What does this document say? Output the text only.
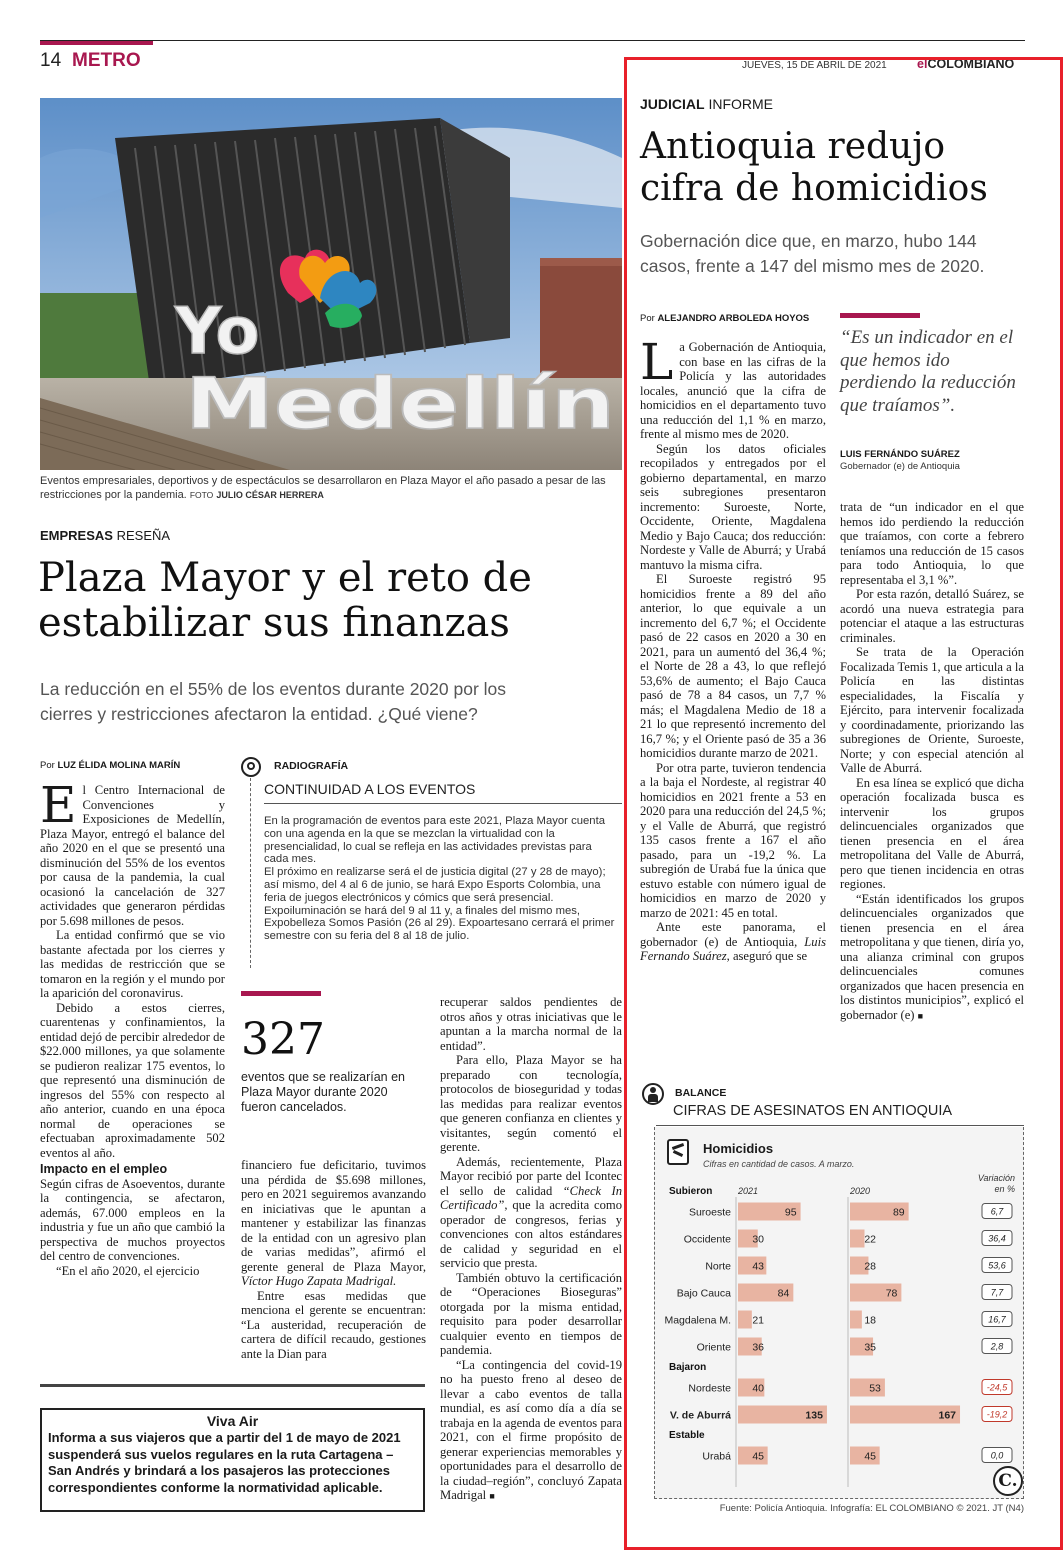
14 METRO	JUEVES, 15 DE ABRIL DE 2021 elCOLOMBIANO
Yo
Medellín
Eventos empresariales, deportivos y de espectáculos se desarrollaron en Plaza Mayor el año pasado a pesar de las restricciones por la pandemia. FOTO JULIO CÉSAR HERRERA
EMPRESAS RESEÑA
Plaza Mayor y el reto de
estabilizar sus finanzas
La reducción en el 55% de los eventos durante 2020 por los
cierres y restricciones afectaron la entidad. ¿Qué viene?
Por LUZ ÉLIDA MOLINA MARÍN
E l Centro Internacional de Convenciones y Exposiciones de Medellín, Plaza Mayor, entregó el balance del año 2020 en el que se presentó una disminución del 55% de los eventos por causa de la pandemia, la cual ocasionó la cancelación de 327 actividades que generaron pérdidas por 5.698 millones de pesos.

La entidad confirmó que se vio bastante afectada por los cierres y las medidas de restricción que se tomaron en la región y el mundo por la aparición del coronavirus.

Debido a estos cierres, cuarentenas y confinamientos, la entidad dejó de percibir alrededor de $22.000 millones, ya que solamente se pudieron realizar 175 eventos, lo que representó una disminución de ingresos del 55% con respecto al año anterior, cuando en una época normal de operaciones se efectuaban aproximadamente 502 eventos al año.

Impacto en el empleo

Según cifras de Asoeventos, durante la contingencia, se afectaron, además, 67.000 empleos en la industria y fue un año que cambió la perspectiva de muchos proyectos del centro de convenciones.

“En el año 2020, el ejercicio

RADIOGRAFÍA
CONTINUIDAD A LOS EVENTOS
En la programación de eventos para este 2021, Plaza Mayor cuenta con una agenda en la que se mezclan la virtualidad con la presencialidad, lo cual se refleja en las actividades previstas para cada mes.
El próximo en realizarse será el de justicia digital (27 y 28 de mayo); así mismo, del 4 al 6 de junio, se hará Expo Esports Colombia, una feria de juegos electrónicos y cómics que será presencial. Expoiluminación se hará del 9 al 11 y, a finales del mismo mes, Expobelleza Somos Pasión (26 al 29). Expoartesano cerrará el primer semestre con su feria del 8 al 18 de julio.
327
eventos que se realizarían en Plaza Mayor durante 2020 fueron cancelados.

financiero fue deficitario, tuvimos una pérdida de $5.698 millones, pero en 2021 seguiremos avanzando en iniciativas que le apuntan a mantener y estabilizar las finanzas de la entidad con un agresivo plan de varias medidas”, afirmó el gerente general de Plaza Mayor, Víctor Hugo Zapata Madrigal.

Entre esas medidas que menciona el gerente se encuentran: “La austeridad, recuperación de cartera de difícil recaudo, gestiones ante la Dian para

recuperar saldos pendientes de otros años y otras iniciativas que le apuntan a la marcha normal de la entidad”.

Para ello, Plaza Mayor se ha preparado con tecnología, protocolos de bioseguridad y todas las medidas para realizar eventos que generen confianza en clientes y visitantes, según comentó el gerente.

Además, recientemente, Plaza Mayor recibió por parte del Icontec el sello de calidad “Check In Certificado”, que la acredita como operador de congresos, ferias y convenciones con altos estándares de calidad y seguridad en el servicio que presta.

También obtuvo la certificación de “Operaciones Bioseguras” otorgada por la misma entidad, requisito para poder desarrollar cualquier evento en tiempos de pandemia.

“La contingencia del covid-19 no ha puesto freno al deseo de llevar a cabo eventos de talla mundial, es así como día a día se trabaja en la agenda de eventos para 2021, con el firme propósito de generar experiencias memorables y oportunidades para el desarrollo de la ciudad–región”, concluyó Zapata Madrigal ■

Viva Air
Informa a sus viajeros que a partir del 1 de mayo de 2021 suspenderá sus vuelos regulares en la ruta Cartagena – San Andrés y brindará a los pasajeros las protecciones correspondientes conforme la normatividad aplicable.
JUDICIAL INFORME
Antioquia redujo
cifra de homicidios
Gobernación dice que, en marzo, hubo 144
casos, frente a 147 del mismo mes de 2020.
Por ALEJANDRO ARBOLEDA HOYOS
“Es un indicador en el que hemos ido perdiendo la reducción que traíamos”.
LUIS FERNÁNDO SUÁREZ
Gobernador (e) de Antioquia
L a Gobernación de Antioquia, con base en las cifras de la Policía y las autoridades locales, anunció que la cifra de homicidios en el departamento tuvo una reducción del 1,1 % en marzo, frente al mismo mes de 2020.

Según los datos oficiales recopilados y entregados por el gobierno departamental, en marzo seis subregiones presentaron incremento: Suroeste, Norte, Occidente, Oriente, Magdalena Medio y Bajo Cauca; dos reducción: Nordeste y Valle de Aburrá; y Urabá mantuvo la misma cifra.

El Suroeste registró 95 homicidios frente a 89 del año anterior, lo que equivale a un incremento del 6,7 %; el Occidente pasó de 22 casos en 2020 a 30 en 2021, para un aumentó del 36,4 %; el Norte de 28 a 43, lo que reflejó 53,6% de aumento; el Bajo Cauca pasó de 78 a 84 casos, un 7,7 % más; el Magdalena Medio de 18 a 21 lo que representó incremento del 16,7 %; y el Oriente pasó de 35 a 36 homicidios durante marzo de 2021.

Por otra parte, tuvieron tendencia a la baja el Nordeste, al registrar 40 homicidios en 2021 frente a 53 en 2020 para una reducción del 24,5 %; y el Valle de Aburrá, que registró 135 casos frente a 167 el año pasado, para un -19,2 %. La subregión de Urabá fue la única que estuvo estable con número igual de homicidios en marzo de 2020 y marzo de 2021: 45 en total.

Ante este panorama, el gobernador (e) de Antioquia, Luis Fernando Suárez, aseguró que se

trata de “un indicador en el que hemos ido perdiendo la reducción que traíamos, con corte a febrero teníamos una reducción de 15 casos para todo Antioquia, lo que representaba el 3,1 %”.

Por esta razón, detalló Suárez, se acordó una nueva estrategia para potenciar el ataque a las estructuras criminales.

Se trata de la Operación Focalizada Temis 1, que articula a la Policía en las distintas especialidades, la Fiscalía y Ejército, para intervenir focalizada y coordinadamente, priorizando las subregiones de Oriente, Suroeste, Norte; y con especial atención al Valle de Aburrá.

En esa línea se explicó que dicha operación focalizada busca es intervenir los grupos delincuenciales organizados que tienen presencia en el área metropolitana del Valle de Aburrá, pero que tienen incidencia en otras regiones.

“Están identificados los grupos delincuenciales organizados que tienen presencia en el área metropolitana y que tienen, diría yo, una alianza criminal con grupos delincuenciales comunes organizados que hacen presencia en los distintos municipios”, explicó el gobernador (e) ■

BALANCE
CIFRAS DE ASESINATOS EN ANTIOQUIA
Homicidios
Cifras en cantidad de casos. A marzo.
Variación
en %
2021	2020
Subieron
Suroeste	95	89	6,7
Occidente 30	22	36,4
Norte 43	28	53,6
Bajo Cauca	84	78	7,7
Magdalena M. 21	18	16,7
Oriente 36	35	2,8
Bajaron
Nordeste 40	53	-24,5
V. de Aburrá	135	167	-19,2
Estable
Urabá 45	45	0,0
C.
Fuente: Policía Antioquia. Infografía: EL COLOMBIANO © 2021. JT (N4)
